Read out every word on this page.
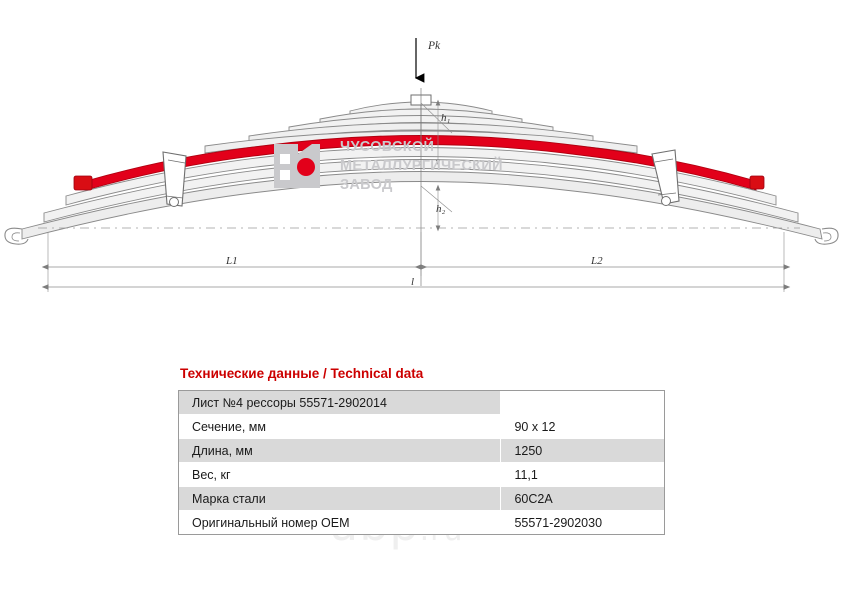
Pk
h₁
h₂
L1	L2
l
ЧУСОВСКОЙ
МЕТАЛЛУРГИЧЕСКИЙ
ЗАВОД
Технические данные / Technical data
Лист №4 рессоры 55571-2902014	
Сечение, мм	90 х 12
Длина, мм	1250
Вес, кг	11,1
Марка стали	60С2А
Оригинальный номер ОЕМ	55571-2902030
